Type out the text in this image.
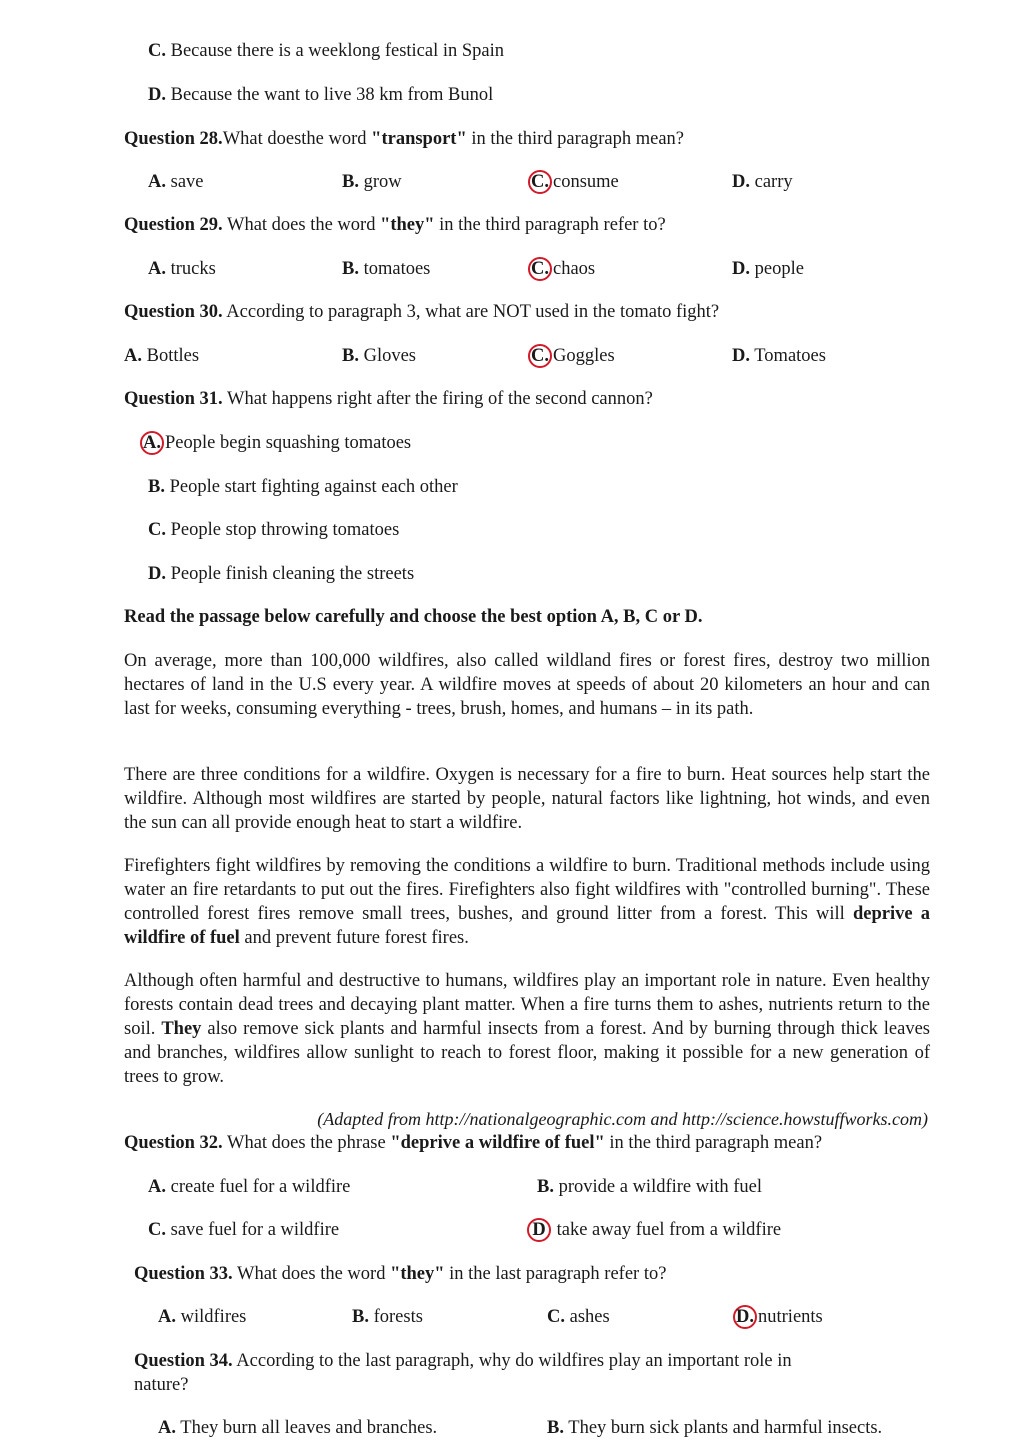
C. Because there is a weeklong festical in Spain
D. Because the want to live 38 km from Bunol
Question 28.What doesthe word "transport" in the third paragraph mean?
A. save	B. grow	C. consume	D. carry
Question 29. What does the word "they" in the third paragraph refer to?
A. trucks	B. tomatoes	C. chaos	D. people
Question 30. According to paragraph 3, what are NOT used in the tomato fight?
A. Bottles	B. Gloves	C. Goggles	D. Tomatoes
Question 31. What happens right after the firing of the second cannon?
A. People begin squashing tomatoes
B. People start fighting against each other
C. People stop throwing tomatoes
D. People finish cleaning the streets
Read the passage below carefully and choose the best option A, B, C or D.

On average, more than 100,000 wildfires, also called wildland fires or forest fires, destroy two million hectares of land in the U.S every year. A wildfire moves at speeds of about 20 kilometers an hour and can last for weeks, consuming everything - trees, brush, homes, and humans – in its path.

There are three conditions for a wildfire. Oxygen is necessary for a fire to burn. Heat sources help start the wildfire. Although most wildfires are started by people, natural factors like lightning, hot winds, and even the sun can all provide enough heat to start a wildfire.

Firefighters fight wildfires by removing the conditions a wildfire to burn. Traditional methods include using water an fire retardants to put out the fires. Firefighters also fight wildfires with "controlled burning". These controlled forest fires remove small trees, bushes, and ground litter from a forest. This will deprive a wildfire of fuel and prevent future forest fires.

Although often harmful and destructive to humans, wildfires play an important role in nature. Even healthy forests contain dead trees and decaying plant matter. When a fire turns them to ashes, nutrients return to the soil. They also remove sick plants and harmful insects from a forest. And by burning through thick leaves and branches, wildfires allow sunlight to reach to forest floor, making it possible for a new generation of trees to grow.

(Adapted from http://nationalgeographic.com and http://science.howstuffworks.com)
Question 32. What does the phrase "deprive a wildfire of fuel" in the third paragraph mean?
A. create fuel for a wildfire	B. provide a wildfire with fuel
C. save fuel for a wildfire	D take away fuel from a wildfire
Question 33. What does the word "they" in the last paragraph refer to?
A. wildfires	B. forests	C. ashes	D. nutrients
Question 34. According to the last paragraph, why do wildfires play an important role in
nature?
A. They burn all leaves and branches.	B. They burn sick plants and harmful insects.
